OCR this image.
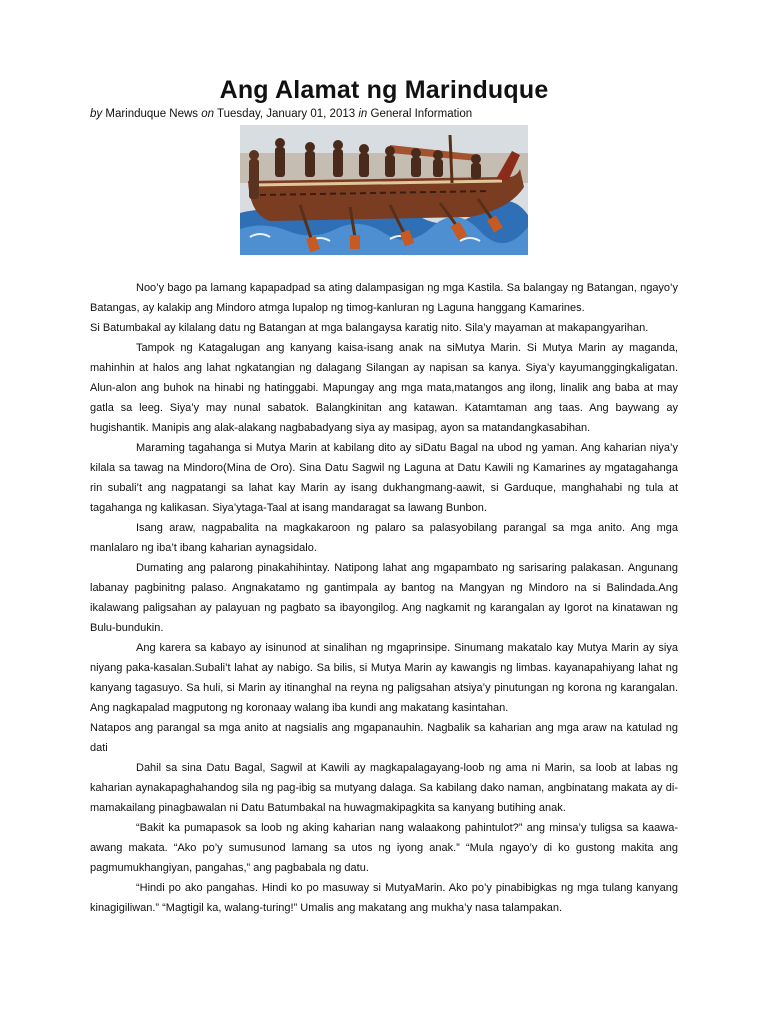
Ang Alamat ng Marinduque
by Marinduque News on Tuesday, January 01, 2013 in General Information

Noo’y bago pa lamang kapapadpad sa ating dalampasigan ng mga Kastila. Sa balangay ng Batangan, ngayo’y Batangas, ay kalakip ang Mindoro atmga lupalop ng timog-kanluran ng Laguna hanggang Kamarines.

Si Batumbakal ay kilalang datu ng Batangan at mga balangaysa karatig nito. Sila’y mayaman at makapangyarihan.

Tampok ng Katagalugan ang kanyang kaisa-isang anak na siMutya Marin. Si Mutya Marin ay maganda, mahinhin at halos ang lahat ngkatangian ng dalagang Silangan ay napisan sa kanya. Siya’y kayumanggingkaligatan. Alun-alon ang buhok na hinabi ng hatinggabi. Mapungay ang mga mata,matangos ang ilong, linalik ang baba at may gatla sa leeg. Siya’y may nunal sabatok. Balangkinitan ang katawan. Katamtaman ang taas. Ang baywang ay hugishantik. Manipis ang alak-alakang nagbabadyang siya ay masipag, ayon sa matandangkasabihan.

Maraming tagahanga si Mutya Marin at kabilang dito ay siDatu Bagal na ubod ng yaman. Ang kaharian niya’y kilala sa tawag na Mindoro(Mina de Oro). Sina Datu Sagwil ng Laguna at Datu Kawili ng Kamarines ay mgatagahanga rin subali’t ang nagpatangi sa lahat kay Marin ay isang dukhangmang-aawit, si Garduque, manghahabi ng tula at tagahanga ng kalikasan. Siya’ytaga-Taal at isang mandaragat sa lawang Bunbon.

Isang araw, nagpabalita na magkakaroon ng palaro sa palasyobilang parangal sa mga anito. Ang mga manlalaro ng iba’t ibang kaharian aynagsidalo.

Dumating ang palarong pinakahihintay. Natipong lahat ang mgapambato ng sarisaring palakasan. Angunang labanay pagbinitng palaso. Angnakatamo ng gantimpala ay bantog na Mangyan ng Mindoro na si Balindada.Ang ikalawang paligsahan ay palayuan ng pagbato sa ibayongilog. Ang nagkamit ng karangalan ay Igorot na kinatawan ng Bulu-bundukin.

Ang karera sa kabayo ay isinunod at sinalihan ng mgaprinsipe. Sinumang makatalo kay Mutya Marin ay siya niyang paka-kasalan.Subali’t lahat ay nabigo. Sa bilis, si Mutya Marin ay kawangis ng limbas. kayanapahiyang lahat ng kanyang tagasuyo. Sa huli, si Marin ay itinanghal na reyna ng paligsahan atsiya’y pinutungan ng korona ng karangalan. Ang nagkapalad magputong ng koronaay walang iba kundi ang makatang kasintahan.

Natapos ang parangal sa mga anito at nagsialis ang mgapanauhin. Nagbalik sa kaharian ang mga araw na katulad ng dati

Dahil sa sina Datu Bagal, Sagwil at Kawili ay magkapalagayang-loob ng ama ni Marin, sa loob at labas ng kaharian aynakapaghahandog sila ng pag-ibig sa mutyang dalaga. Sa kabilang dako naman, angbinatang makata ay di-mamakailang pinagbawalan ni Datu Batumbakal na huwagmakipagkita sa kanyang butihing anak.

“Bakit ka pumapasok sa loob ng aking kaharian nang walaakong pahintulot?” ang minsa’y tuligsa sa kaawa-awang makata. “Ako po’y sumusunod lamang sa utos ng iyong anak.” “Mula ngayo’y di ko gustong makita ang pagmumukhangiyan, pangahas,” ang pagbabala ng datu.

“Hindi po ako pangahas. Hindi ko po masuway si MutyaMarin. Ako po’y pinabibigkas ng mga tulang kanyang kinagigiliwan.” “Magtigil ka, walang-turing!” Umalis ang makatang ang mukha’y nasa talampakan.
